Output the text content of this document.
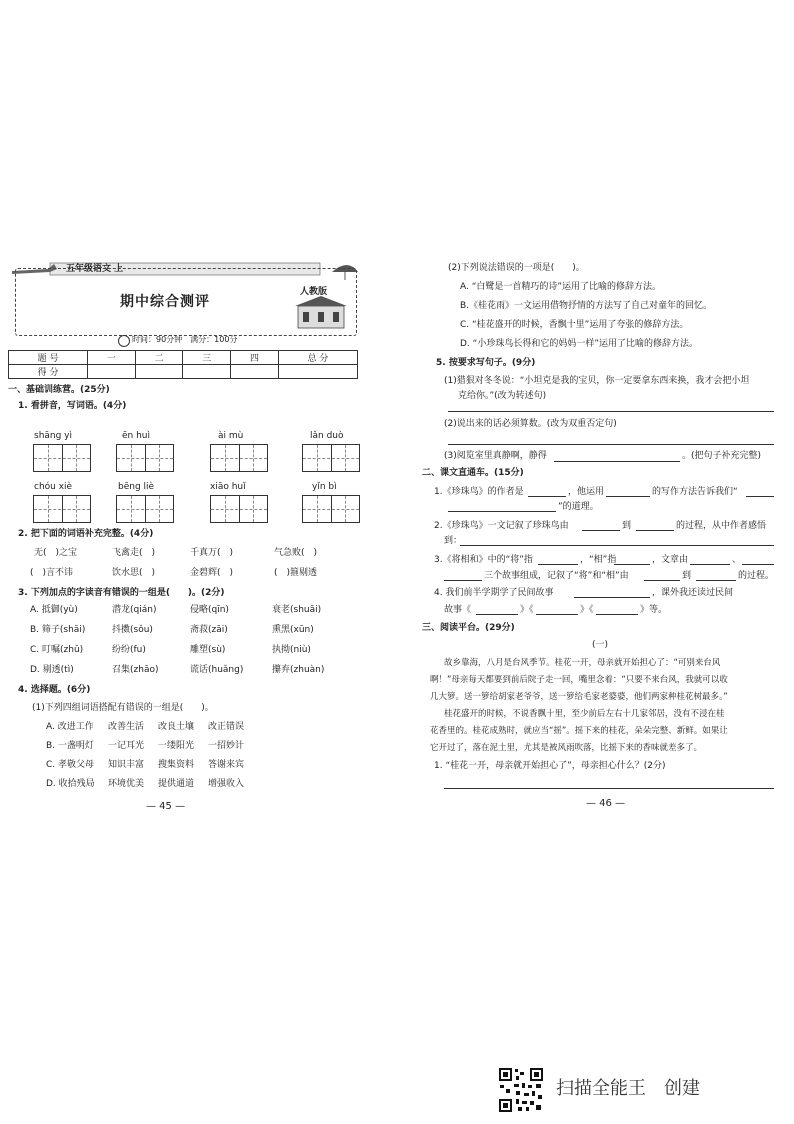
五年级语文 上
期中综合测评
人教版
时间：90分钟　满分：100分
题 号	一	二	三	四	总 分
得 分					
一、基础训练营。(25分)
1. 看拼音，写词语。(4分)
shāng yì	ēn huì	ài mù	lǎn duò
chóu xiè	bēng liè	xiāo huǐ	yǐn bì
2. 把下面的词语补充完整。(4分)
无(　)之宝	飞禽走(　)	千真万(　)	气急败(　)
(　)言不讳	饮水思(　)	金碧辉(　)	(　)箍剔透
3. 下列加点的字读音有错误的一组是(　　)。(2分)
A. 抵御(yù)	潜龙(qián)	侵略(qīn)	衰老(shuāi)
B. 筛子(shāi)	抖擞(sǒu)	斋菽(zāi)	熏黑(xūn)
C. 叮嘱(zhǔ)	纷纷(fu)	雕塑(sù)	执拗(niù)
D. 剔透(tì)	召集(zhāo)	谎话(huǎng)	攥弃(zhuàn)
4. 选择题。(6分)
(1)下列四组词语搭配有错误的一组是(　　)。
A. 改进工作 改善生活 改良土壤 改正错误
B. 一盏明灯 一记耳光 一缕阳光 一招妙计
C. 孝敬父母 知识丰富 搜集资料 答谢来宾
D. 收拾残局 环境优美 提供通道 增强收入
— 45 —
(2)下列说法错误的一项是(　　)。
A. “白鹭是一首精巧的诗”运用了比喻的修辞方法。
B.《桂花雨》一文运用借物抒情的方法写了自己对童年的回忆。
C. “桂花盛开的时候，香飘十里”运用了夸张的修辞方法。
D. “小珍珠鸟长得和它的妈妈一样”运用了比喻的修辞方法。
5. 按要求写句子。(9分)
(1)猎狠对冬冬说：“小坦克是我的宝贝，你一定要拿东西来换，我才会把小坦
克给你。”(改为转述句)
(2)说出来的话必须算数。(改为双重否定句)
(3)阅览室里真静啊，静得	。(把句子补充完整)
二、课文直通车。(15分)
1.《珍珠鸟》的作者是	，他运用	的写作方法告诉我们“
”的道理。
2.《珍珠鸟》一文记叙了珍珠鸟由	到	的过程，从中作者感悟
到：
3.《将相和》中的“将”指	，“相”指	，文章由	、
三个故事组成，记叙了“将”和“相”由	到	的过程。
4. 我们前半学期学了民间故事	，课外我还读过民间
故事《	》《	》《	》等。
三、阅读平台。(29分)
(一)
故乡靠海，八月是台风季节。桂花一开，母亲就开始担心了：“可别来台风
啊！”母亲每天都要到前后院子走一回，嘴里念着：“只要不来台风，我就可以收
几大箩。送一箩给胡家老爷爷，送一箩给毛家老婆婆，他们两家种桂花树最多。”
桂花盛开的时候，不说香飘十里，至少前后左右十几家邻居，没有不浸在桂
花香里的。桂花成熟时，就应当“摇”。摇下来的桂花，朵朵完整、新鲜。如果让
它开过了，落在泥土里，尤其是被风雨吹落，比摇下来的香味就差多了。
1. “桂花一开，母亲就开始担心了”，母亲担心什么？(2分)
— 46 —
扫描全能王　创建
